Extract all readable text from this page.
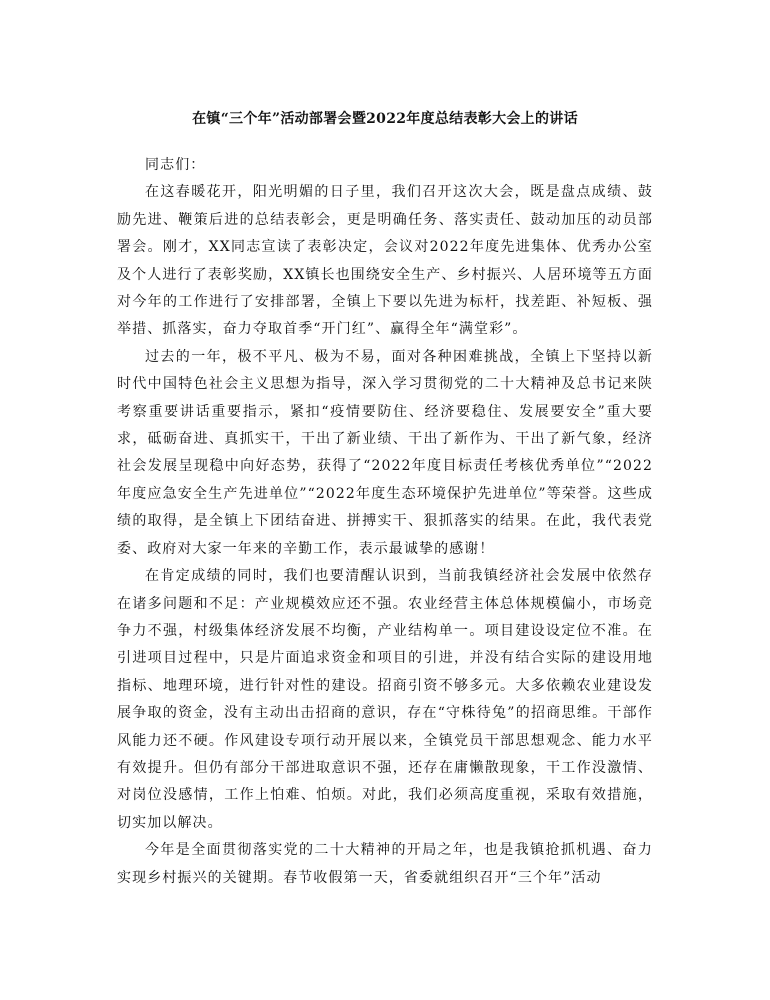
在镇“三个年”活动部署会暨2022年度总结表彰大会上的讲话

同志们：

在这春暖花开，阳光明媚的日子里，我们召开这次大会，既是盘点成绩、鼓励先进、鞭策后进的总结表彰会，更是明确任务、落实责任、鼓动加压的动员部署会。刚才，XX同志宣读了表彰决定，会议对2022年度先进集体、优秀办公室及个人进行了表彰奖励，XX镇长也围绕安全生产、乡村振兴、人居环境等五方面对今年的工作进行了安排部署，全镇上下要以先进为标杆，找差距、补短板、强举措、抓落实，奋力夺取首季“开门红”、赢得全年“满堂彩”。

过去的一年，极不平凡、极为不易，面对各种困难挑战，全镇上下坚持以新时代中国特色社会主义思想为指导，深入学习贯彻党的二十大精神及总书记来陕考察重要讲话重要指示，紧扣“疫情要防住、经济要稳住、发展要安全”重大要求，砥砺奋进、真抓实干，干出了新业绩、干出了新作为、干出了新气象，经济社会发展呈现稳中向好态势，获得了“2022年度目标责任考核优秀单位”“2022年度应急安全生产先进单位”“2022年度生态环境保护先进单位”等荣誉。这些成绩的取得，是全镇上下团结奋进、拼搏实干、狠抓落实的结果。在此，我代表党委、政府对大家一年来的辛勤工作，表示最诚挚的感谢！

在肯定成绩的同时，我们也要清醒认识到，当前我镇经济社会发展中依然存在诸多问题和不足：产业规模效应还不强。农业经营主体总体规模偏小，市场竞争力不强，村级集体经济发展不均衡，产业结构单一。项目建设设定位不准。在引进项目过程中，只是片面追求资金和项目的引进，并没有结合实际的建设用地指标、地理环境，进行针对性的建设。招商引资不够多元。大多依赖农业建设发展争取的资金，没有主动出击招商的意识，存在“守株待兔”的招商思维。干部作风能力还不硬。作风建设专项行动开展以来，全镇党员干部思想观念、能力水平有效提升。但仍有部分干部进取意识不强，还存在庸懒散现象，干工作没激情、对岗位没感情，工作上怕难、怕烦。对此，我们必须高度重视，采取有效措施，切实加以解决。

今年是全面贯彻落实党的二十大精神的开局之年，也是我镇抢抓机遇、奋力实现乡村振兴的关键期。春节收假第一天，省委就组织召开“三个年”活动
